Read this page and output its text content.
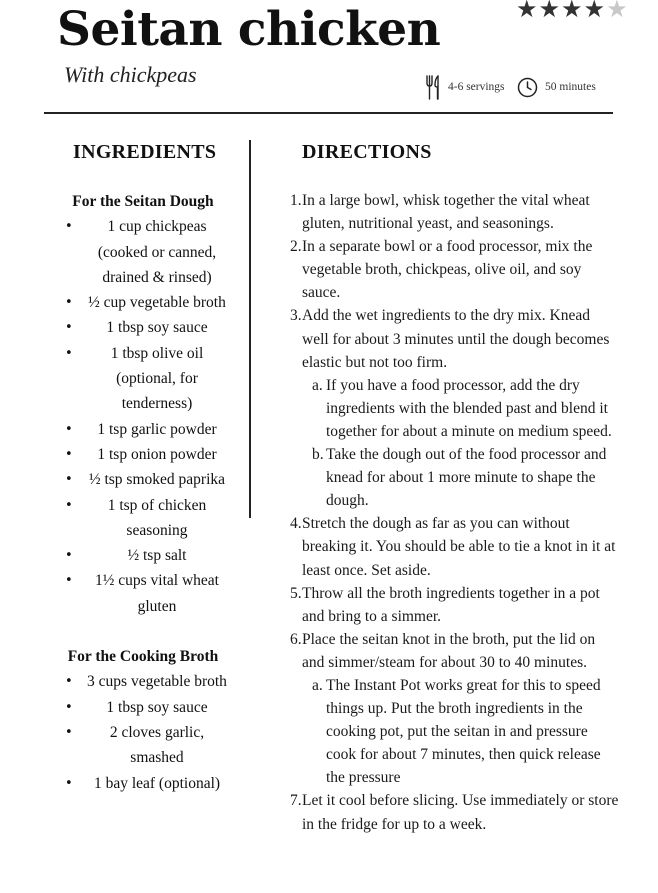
Seitan chicken
With chickpeas
★ ★ ★ ★ ★
4-6 servings	50 minutes
INGREDIENTS	DIRECTIONS
For the Seitan Dough
• 1 cup chickpeas (cooked or canned, drained & rinsed)
• ½ cup vegetable broth
• 1 tbsp soy sauce
• 1 tbsp olive oil (optional, for tenderness)
• 1 tsp garlic powder
• 1 tsp onion powder
• ½ tsp smoked paprika
• 1 tsp of chicken seasoning
•	½ tsp salt
• 1½ cups vital wheat gluten
For the Cooking Broth
• 3 cups vegetable broth
• 1 tbsp soy sauce
• 2 cloves garlic, smashed
• 1 bay leaf (optional)
1. In a large bowl, whisk together the vital wheat gluten, nutritional yeast, and seasonings.
2. In a separate bowl or a food processor, mix the vegetable broth, chickpeas, olive oil, and soy sauce.
3. Add the wet ingredients to the dry mix. Knead well for about 3 minutes until the dough becomes elastic but not too firm.
a. If you have a food processor, add the dry ingredients with the blended past and blend it together for about a minute on medium speed.
b. Take the dough out of the food processor and knead for about 1 more minute to shape the dough.
4. Stretch the dough as far as you can without breaking it. You should be able to tie a knot in it at least once. Set aside.
5. Throw all the broth ingredients together in a pot and bring to a simmer.
6. Place the seitan knot in the broth, put the lid on and simmer/steam for about 30 to 40 minutes.
a. The Instant Pot works great for this to speed things up. Put the broth ingredients in the cooking pot, put the seitan in and pressure cook for about 7 minutes, then quick release the pressure
7. Let it cool before slicing. Use immediately or store in the fridge for up to a week.
